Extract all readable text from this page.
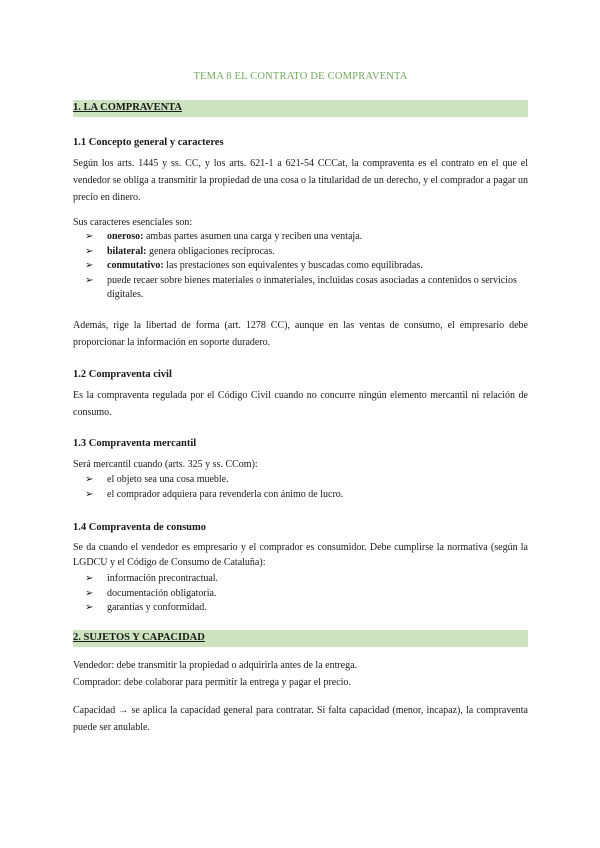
TEMA 8 EL CONTRATO DE COMPRAVENTA
1. LA COMPRAVENTA
1.1 Concepto general y caracteres
Según los arts. 1445 y ss. CC, y los arts. 621-1 a 621-54 CCCat, la compraventa es el contrato en el que el vendedor se obliga a transmitir la propiedad de una cosa o la titularidad de un derecho, y el comprador a pagar un precio en dinero.
Sus caracteres esenciales son:
➢ oneroso: ambas partes asumen una carga y reciben una ventaja.
➢ bilateral: genera obligaciones recíprocas.
➢ conmutativo: las prestaciones son equivalentes y buscadas como equilibradas.
➢ puede recaer sobre bienes materiales o inmateriales, incluidas cosas asociadas a contenidos o servicios digitales.
Además, rige la libertad de forma (art. 1278 CC), aunque en las ventas de consumo, el empresario debe proporcionar la información en soporte duradero.
1.2 Compraventa civil
Es la compraventa regulada por el Código Civil cuando no concurre ningún elemento mercantil ni relación de consumo.
1.3 Compraventa mercantil
Será mercantil cuando (arts. 325 y ss. CCom):
➢ el objeto sea una cosa mueble.
➢ el comprador adquiera para revenderla con ánimo de lucro.
1.4 Compraventa de consumo
Se da cuando el vendedor es empresario y el comprador es consumidor. Debe cumplirse la normativa (según la LGDCU y el Código de Consumo de Cataluña):
➢ información precontractual.
➢ documentación obligatoria.
➢ garantías y conformidad.
2. SUJETOS Y CAPACIDAD
Vendedor: debe transmitir la propiedad o adquirirla antes de la entrega.
Comprador: debe colaborar para permitir la entrega y pagar el precio.
Capacidad → se aplica la capacidad general para contratar. Si falta capacidad (menor, incapaz), la compraventa puede ser anulable.
